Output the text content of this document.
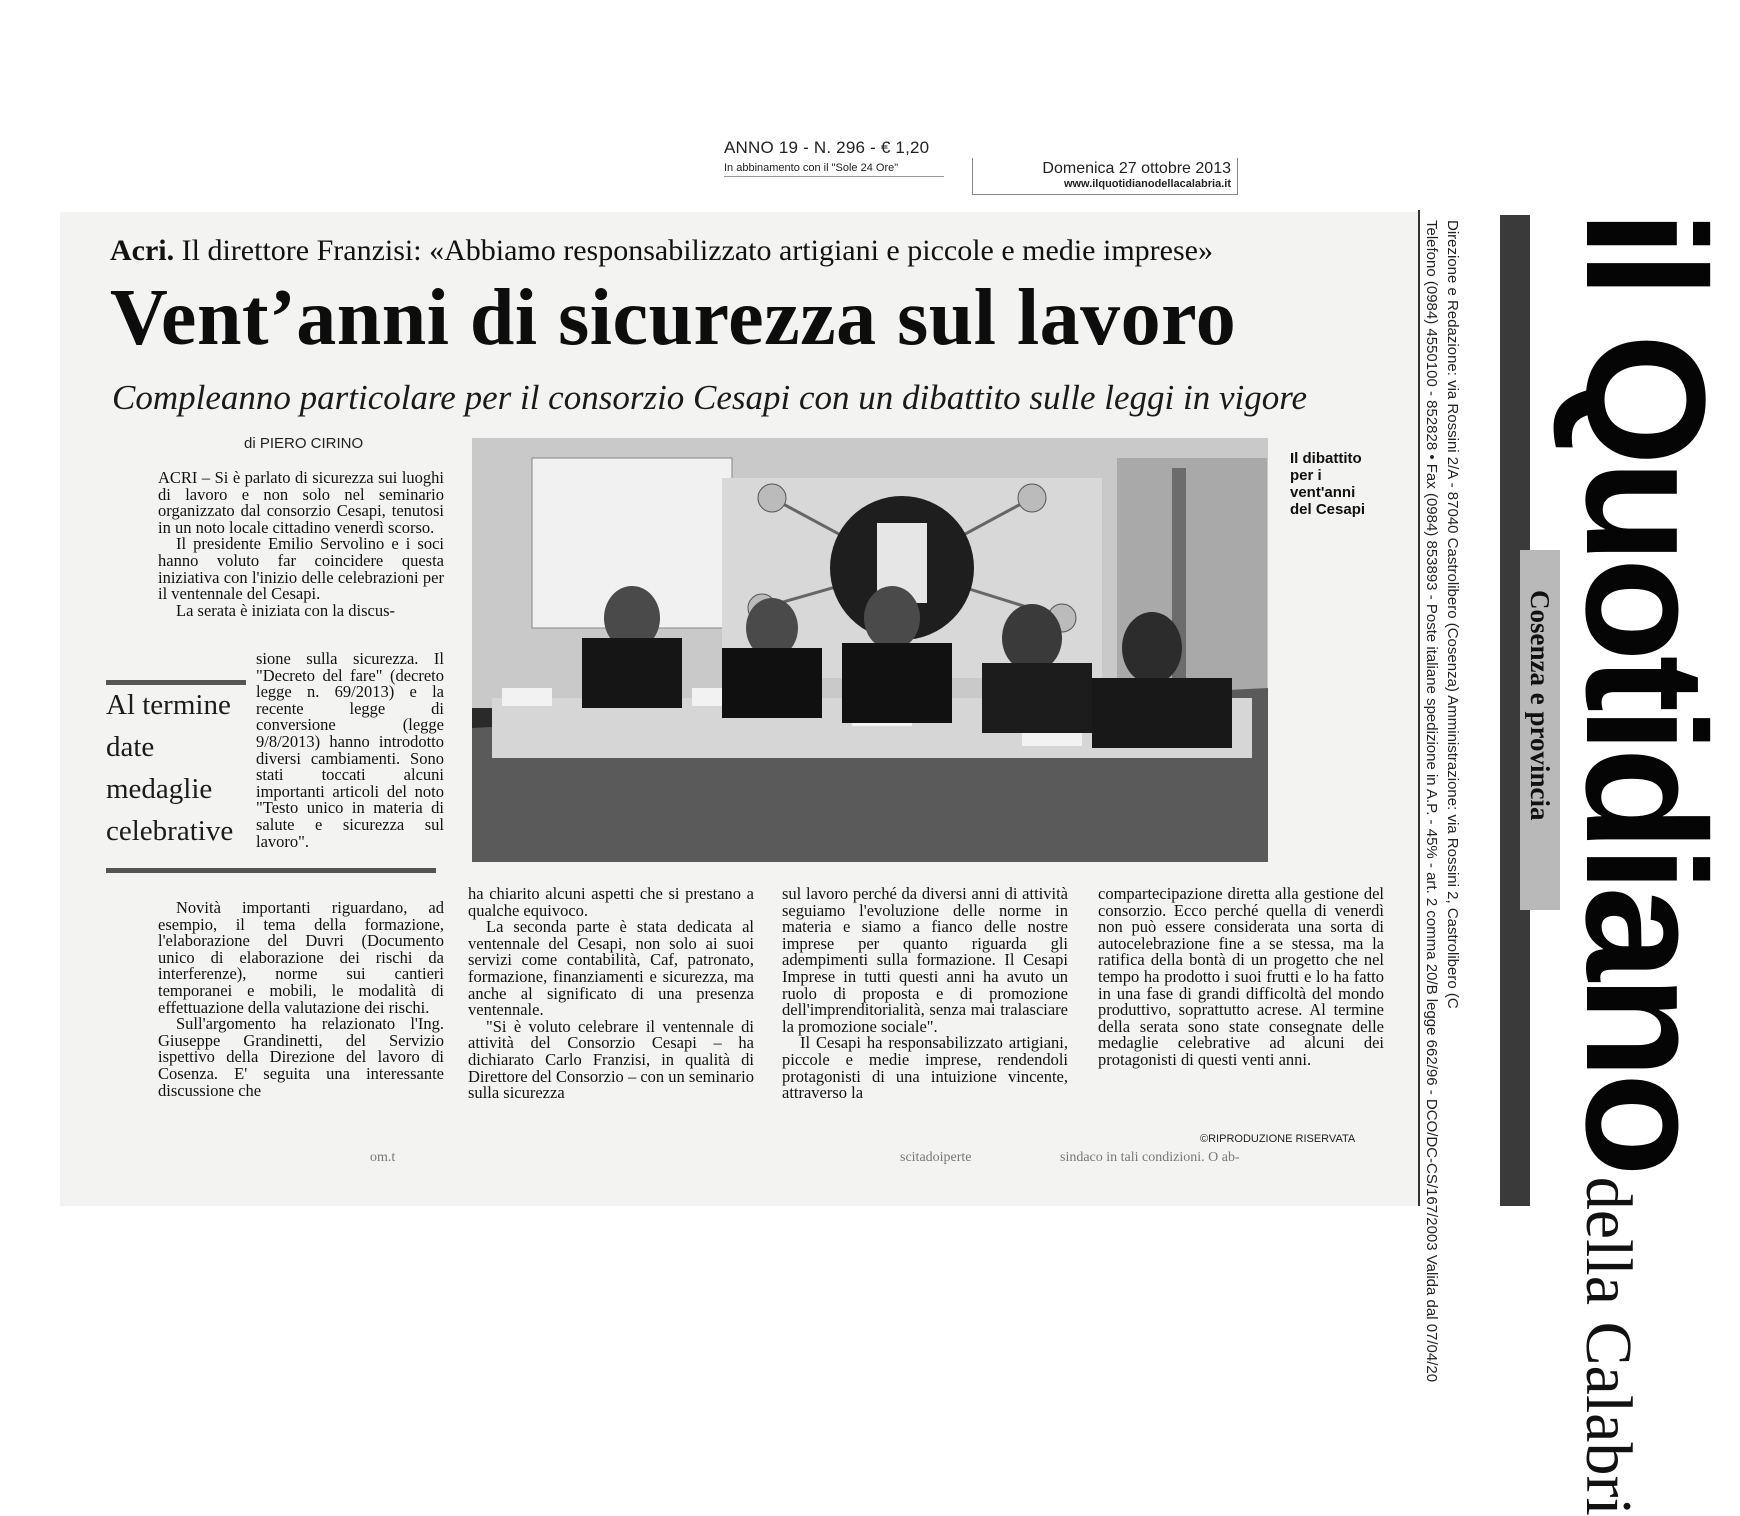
ANNO 19 - N. 296 - € 1,20
In abbinamento con il "Sole 24 Ore"	Domenica 27 ottobre 2013
www.ilquotidianodellacalabria.it
Acri. Il direttore Franzisi: «Abbiamo responsabilizzato artigiani e piccole e medie imprese»
Vent’anni di sicurezza sul lavoro
Compleanno particolare per il consorzio Cesapi con un dibattito sulle leggi in vigore
di PIERO CIRINO

ACRI – Si è parlato di sicurezza sui luoghi di lavoro e non solo nel seminario organizzato dal consorzio Cesapi, tenutosi in un noto locale cittadino venerdì scorso.

Il presidente Emilio Servolino e i soci hanno voluto far coincidere questa iniziativa con l'inizio delle celebrazioni per il ventennale del Cesapi.

La serata è iniziata con la discus-

Al termine date medaglie celebrative

sione sulla sicurezza. Il "Decreto del fare" (decreto legge n. 69/2013) e la recente legge di conversione (legge 9/8/2013) hanno introdotto diversi cambiamenti. Sono stati toccati alcuni importanti articoli del noto "Testo unico in materia di salute e sicurezza sul lavoro".

Novità importanti riguardano, ad esempio, il tema della formazione, l'elaborazione del Duvri (Documento unico di elaborazione dei rischi da interferenze), norme sui cantieri temporanei e mobili, le modalità di effettuazione della valutazione dei rischi.

Sull'argomento ha relazionato l'Ing. Giuseppe Grandinetti, del Servizio ispettivo della Direzione del lavoro di Cosenza. E' seguita una interessante discussione che

Il dibattito per i vent'anni del Cesapi

ha chiarito alcuni aspetti che si prestano a qualche equivoco.

La seconda parte è stata dedicata al ventennale del Cesapi, non solo ai suoi servizi come contabilità, Caf, patronato, formazione, finanziamenti e sicurezza, ma anche al significato di una presenza ventennale.

"Si è voluto celebrare il ventennale di attività del Consorzio Cesapi – ha dichiarato Carlo Franzisi, in qualità di Direttore del Consorzio – con un seminario sulla sicurezza

sul lavoro perché da diversi anni di attività seguiamo l'evoluzione delle norme in materia e siamo a fianco delle nostre imprese per quanto riguarda gli adempimenti sulla formazione. Il Cesapi Imprese in tutti questi anni ha avuto un ruolo di proposta e di promozione dell'imprenditorialità, senza mai tralasciare la promozione sociale".

Il Cesapi ha responsabilizzato artigiani, piccole e medie imprese, rendendoli protagonisti di una intuizione vincente, attraverso la

compartecipazione diretta alla gestione del consorzio. Ecco perché quella di venerdì non può essere considerata una sorta di autocelebrazione fine a se stessa, ma la ratifica della bontà di un progetto che nel tempo ha prodotto i suoi frutti e lo ha fatto in una fase di grandi difficoltà del mondo produttivo, soprattutto acrese. Al termine della serata sono state consegnate delle medaglie celebrative ad alcuni dei protagonisti di questi venti anni.

©RIPRODUZIONE RISERVATA
om.t	scitadoiperte	sindaco in tali condizioni. O ab-
Direzione e Redazione: via Rossini 2/A - 87040 Castrolibero (Cosenza) Amministrazione: via Rossini 2, Castrolibero (C
Telefono (0984) 4550100 - 852828 • Fax (0984) 853893 - Poste italiane spedizione in A.P. - 45% - art. 2 comma 20/B legge 662/96 - DCO/DC-CS/167/2003 Valida dal 07/04/20	Cosenza e provincia
il Quotidianodella Calabri
